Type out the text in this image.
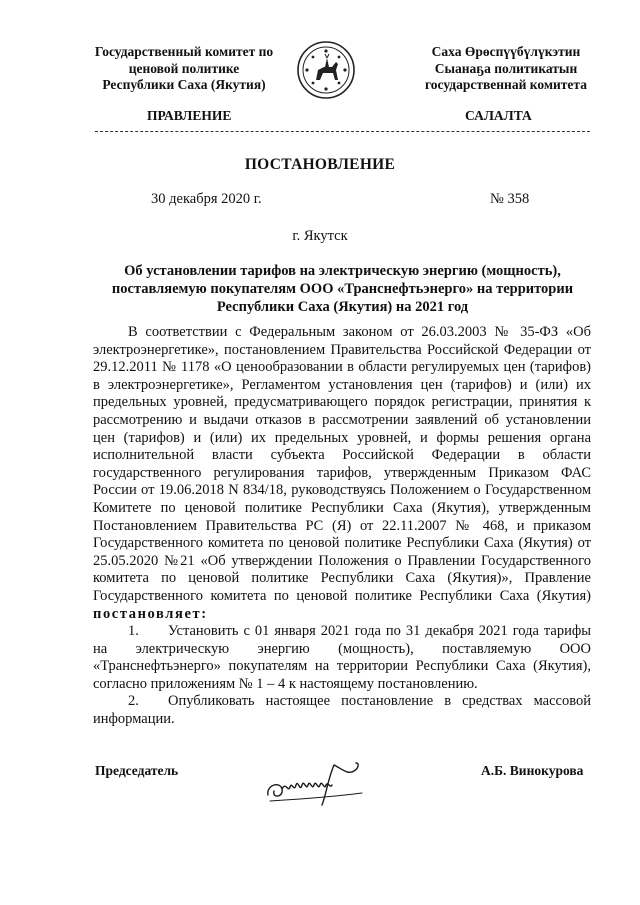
Государственный комитет по
ценовой политике
Республики Саха (Якутия)
Саха Өрөспүүбүлүкэтин
Сыанаҕа политикатын
государственнай комитета
ПРАВЛЕНИЕ	САЛАЛТА
ПОСТАНОВЛЕНИЕ
30 декабря 2020 г.	№ 358
г. Якутск
Об установлении тарифов на электрическую энергию (мощность),
поставляемую покупателям ООО «Транснефтьэнерго» на территории
Республики Саха (Якутия) на 2021 год

В соответствии с Федеральным законом от 26.03.2003 № 35-ФЗ «Об электроэнергетике», постановлением Правительства Российской Федерации от 29.12.2011 № 1178 «О ценообразовании в области регулируемых цен (тарифов) в электроэнергетике», Регламентом установления цен (тарифов) и (или) их предельных уровней, предусматривающего порядок регистрации, принятия к рассмотрению и выдачи отказов в рассмотрении заявлений об установлении цен (тарифов) и (или) их предельных уровней, и формы решения органа исполнительной власти субъекта Российской Федерации в области государственного регулирования тарифов, утвержденным Приказом ФАС России от 19.06.2018 N 834/18, руководствуясь Положением о Государственном Комитете по ценовой политике Республики Саха (Якутия), утвержденным Постановлением Правительства РС (Я) от 22.11.2007 № 468, и приказом Государственного комитета по ценовой политике Республики Саха (Якутия) от 25.05.2020 №21 «Об утверждении Положения о Правлении Государственного комитета по ценовой политике Республики Саха (Якутия)», Правление Государственного комитета по ценовой политике Республики Саха (Якутия) постановляет:

1. Установить с 01 января 2021 года по 31 декабря 2021 года тарифы на электрическую энергию (мощность), поставляемую ООО «Транснефтьэнерго» покупателям на территории Республики Саха (Якутия), согласно приложениям № 1 – 4 к настоящему постановлению.

2. Опубликовать настоящее постановление в средствах массовой информации.

Председатель	А.Б. Винокурова
